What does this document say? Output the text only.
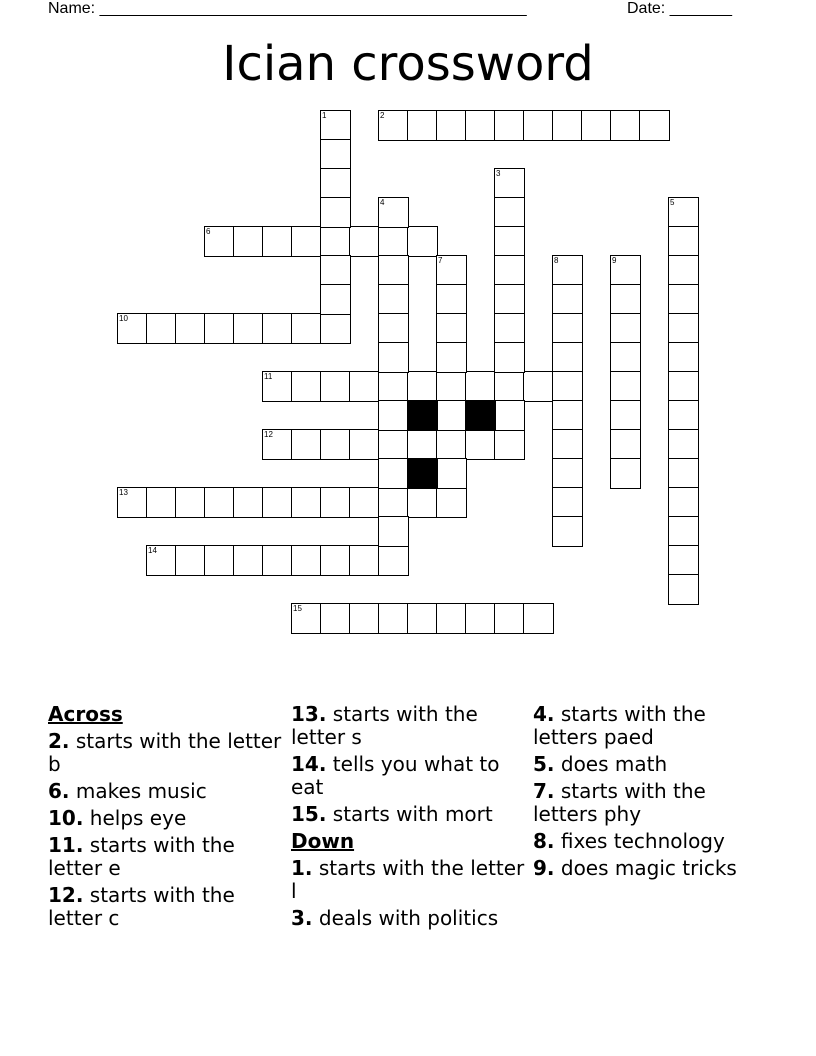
Name: ________________________________________________	Date: _______
Ician crossword
1	2
3
4	5
6
7	8	9
10
11
12
13
14
15
Across
2. starts with the letter b
6. makes music
10. helps eye
11. starts with the letter e
12. starts with the letter c
13. starts with the letter s
14. tells you what to eat
15. starts with mort
Down
1. starts with the letter l
3. deals with politics
4. starts with the letters paed
5. does math
7. starts with the letters phy
8. fixes technology
9. does magic tricks
